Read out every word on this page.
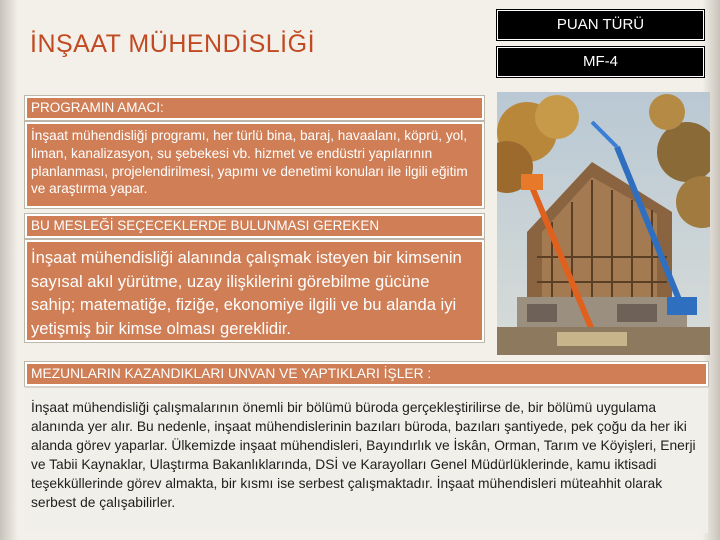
İNŞAAT MÜHENDİSLİĞİ
PUAN TÜRÜ
MF-4
PROGRAMIN AMACI:
İnşaat mühendisliği programı, her türlü bina, baraj, havaalanı, köprü, yol, liman, kanalizasyon, su şebekesi vb. hizmet ve endüstri yapılarının planlanması, projelendirilmesi, yapımı ve denetimi konuları ile ilgili eğitim ve araştırma yapar.
BU MESLEĞİ SEÇECEKLERDE BULUNMASI GEREKEN
İnşaat mühendisliği alanında çalışmak isteyen bir kimsenin sayısal akıl yürütme, uzay ilişkilerini görebilme gücüne sahip; matematiğe, fiziğe, ekonomiye ilgili ve bu alanda iyi yetişmiş bir kimse olması gereklidir.
MEZUNLARIN KAZANDIKLARI UNVAN VE YAPTIKLARI İŞLER :
İnşaat mühendisliği çalışmalarının önemli bir bölümü büroda gerçekleştirilirse de, bir bölümü uygulama alanında yer alır. Bu nedenle, inşaat mühendislerinin bazıları büroda, bazıları şantiyede, pek çoğu da her iki alanda görev yaparlar. Ülkemizde inşaat mühendisleri, Bayındırlık ve İskân, Orman, Tarım ve Köyişleri, Enerji ve Tabii Kaynaklar, Ulaştırma Bakanlıklarında, DSİ ve Karayolları Genel Müdürlüklerinde, kamu iktisadi teşekküllerinde görev almakta, bir kısmı ise serbest çalışmaktadır. İnşaat mühendisleri müteahhit olarak serbest de çalışabilirler.
